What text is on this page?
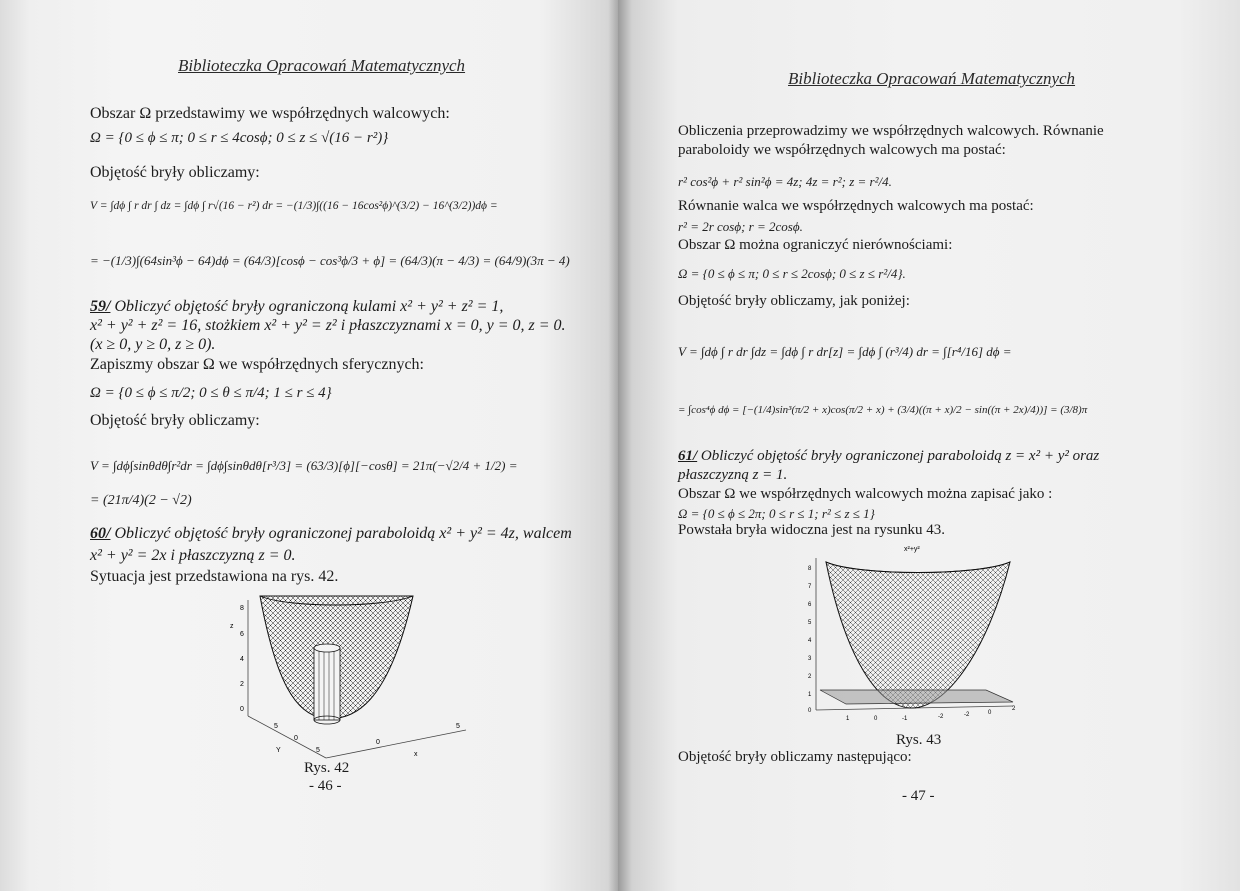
Biblioteczka Opracowań Matematycznych
Obszar Ω przedstawimy we współrzędnych walcowych:
Ω = {0 ≤ ϕ ≤ π; 0 ≤ r ≤ 4cosϕ; 0 ≤ z ≤ √(16 − r²)}
Objętość bryły obliczamy:
V = ∫dϕ ∫ r dr ∫ dz = ∫dϕ ∫ r√(16 − r²) dr = −(1/3)∫((16 − 16cos²ϕ)^(3/2) − 16^(3/2))dϕ =
= −(1/3)∫(64sin³ϕ − 64)dϕ = (64/3)[cosϕ − cos³ϕ/3 + ϕ] = (64/3)(π − 4/3) = (64/9)(3π − 4)
59/ Obliczyć objętość bryły ograniczoną kulami x² + y² + z² = 1,
x² + y² + z² = 16, stożkiem x² + y² = z² i płaszczyznami x = 0, y = 0, z = 0.
(x ≥ 0, y ≥ 0, z ≥ 0).
Zapiszmy obszar Ω we współrzędnych sferycznych:
Ω = {0 ≤ ϕ ≤ π/2; 0 ≤ θ ≤ π/4; 1 ≤ r ≤ 4}
Objętość bryły obliczamy:
V = ∫dϕ∫sinθdθ∫r²dr = ∫dϕ∫sinθdθ[r³/3] = (63/3)[ϕ][−cosθ] = 21π(−√2/4 + 1/2) =
= (21π/4)(2 − √2)
60/ Obliczyć objętość bryły ograniczonej paraboloidą x² + y² = 4z, walcem
x² + y² = 2x i płaszczyzną z = 0.
Sytuacja jest przedstawiona na rys. 42.
8
6
4
2
0
z
5
0
5
Y
0
5
x
Rys. 42
- 46 -
Biblioteczka Opracowań Matematycznych
Obliczenia przeprowadzimy we współrzędnych walcowych. Równanie
paraboloidy we współrzędnych walcowych ma postać:
r² cos²ϕ + r² sin²ϕ = 4z; 4z = r²; z = r²/4.
Równanie walca we współrzędnych walcowych ma postać:
r² = 2r cosϕ; r = 2cosϕ.
Obszar Ω można ograniczyć nierównościami:
Ω = {0 ≤ ϕ ≤ π; 0 ≤ r ≤ 2cosϕ; 0 ≤ z ≤ r²/4}.
Objętość bryły obliczamy, jak poniżej:
V = ∫dϕ ∫ r dr ∫dz = ∫dϕ ∫ r dr[z] = ∫dϕ ∫ (r³/4) dr = ∫[r⁴/16] dϕ =
= ∫cos⁴ϕ dϕ = [−(1/4)sin³(π/2 + x)cos(π/2 + x) + (3/4)((π + x)/2 − sin((π + 2x)/4))] = (3/8)π
61/ Obliczyć objętość bryły ograniczonej paraboloidą z = x² + y² oraz
płaszczyzną z = 1.
Obszar Ω we współrzędnych walcowych można zapisać jako :
Ω = {0 ≤ ϕ ≤ 2π; 0 ≤ r ≤ 1; r² ≤ z ≤ 1}
Powstała bryła widoczna jest na rysunku 43.
x²+y²
8
7
6
5
4
3
2
1
0
1	0	-1	-2	-2	0
2
Rys. 43
Objętość bryły obliczamy następująco:
- 47 -
